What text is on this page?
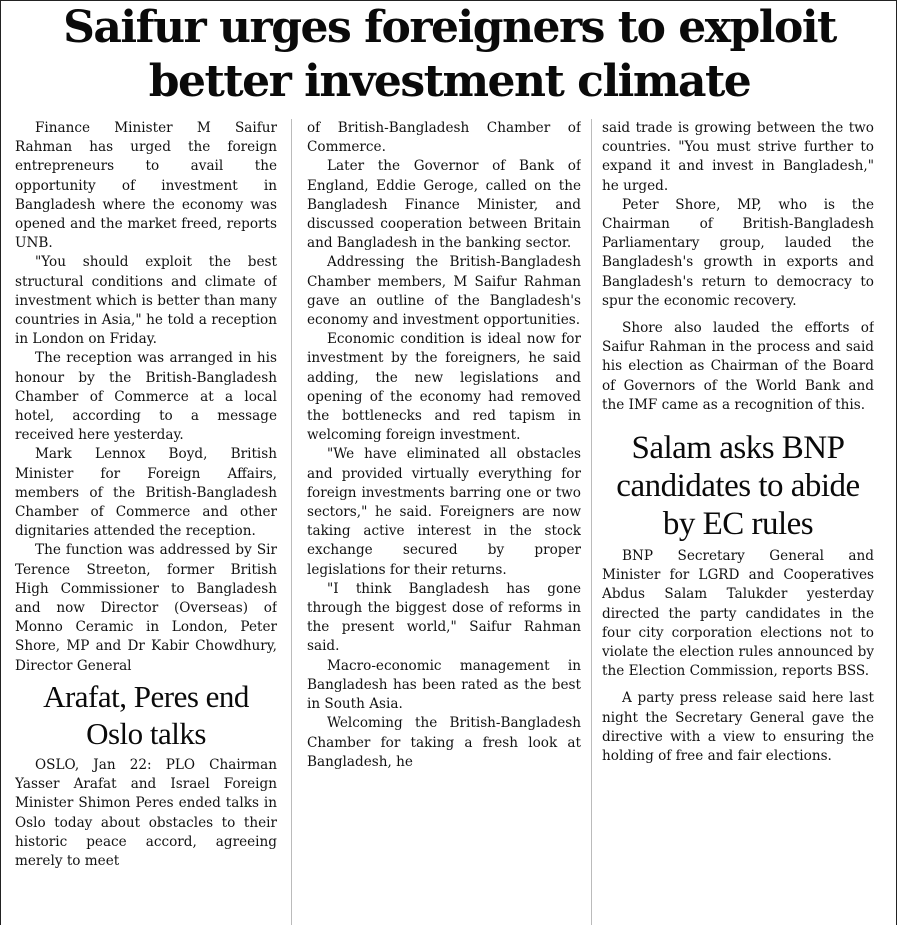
Saifur urges foreigners to exploit better investment climate

Finance Minister M Saifur Rahman has urged the foreign entrepreneurs to avail the opportunity of investment in Bangladesh where the economy was opened and the market freed, reports UNB.

"You should exploit the best structural conditions and climate of investment which is better than many countries in Asia," he told a reception in London on Friday.

The reception was arranged in his honour by the British-Bangladesh Chamber of Commerce at a local hotel, according to a message received here yesterday.

Mark Lennox Boyd, British Minister for Foreign Affairs, members of the British-Bangladesh Chamber of Commerce and other dignitaries attended the reception.

The function was addressed by Sir Terence Streeton, former British High Commissioner to Bangladesh and now Director (Overseas) of Monno Ceramic in London, Peter Shore, MP and Dr Kabir Chowdhury, Director General

Arafat, Peres end Oslo talks

OSLO, Jan 22: PLO Chairman Yasser Arafat and Israel Foreign Minister Shimon Peres ended talks in Oslo today about obstacles to their historic peace accord, agreeing merely to meet

of British-Bangladesh Chamber of Commerce.

Later the Governor of Bank of England, Eddie Geroge, called on the Bangladesh Finance Minister, and discussed cooperation between Britain and Bangladesh in the banking sector.

Addressing the British-Bangladesh Chamber members, M Saifur Rahman gave an outline of the Bangladesh's economy and investment opportunities.

Economic condition is ideal now for investment by the foreigners, he said adding, the new legislations and opening of the economy had removed the bottlenecks and red tapism in welcoming foreign investment.

"We have eliminated all obstacles and provided virtually everything for foreign investments barring one or two sectors," he said. Foreigners are now taking active interest in the stock exchange secured by proper legislations for their returns.

"I think Bangladesh has gone through the biggest dose of reforms in the present world," Saifur Rahman said.

Macro-economic management in Bangladesh has been rated as the best in South Asia.

Welcoming the British-Bangladesh Chamber for taking a fresh look at Bangladesh, he

said trade is growing between the two countries. "You must strive further to expand it and invest in Bangladesh," he urged.

Peter Shore, MP, who is the Chairman of British-Bangladesh Parliamentary group, lauded the Bangladesh's growth in exports and Bangladesh's return to democracy to spur the economic recovery.

Shore also lauded the efforts of Saifur Rahman in the process and said his election as Chairman of the Board of Governors of the World Bank and the IMF came as a recognition of this.

Salam asks BNP candidates to abide by EC rules

BNP Secretary General and Minister for LGRD and Cooperatives Abdus Salam Talukder yesterday directed the party candidates in the four city corporation elections not to violate the election rules announced by the Election Commission, reports BSS.

A party press release said here last night the Secretary General gave the directive with a view to ensuring the holding of free and fair elections.
